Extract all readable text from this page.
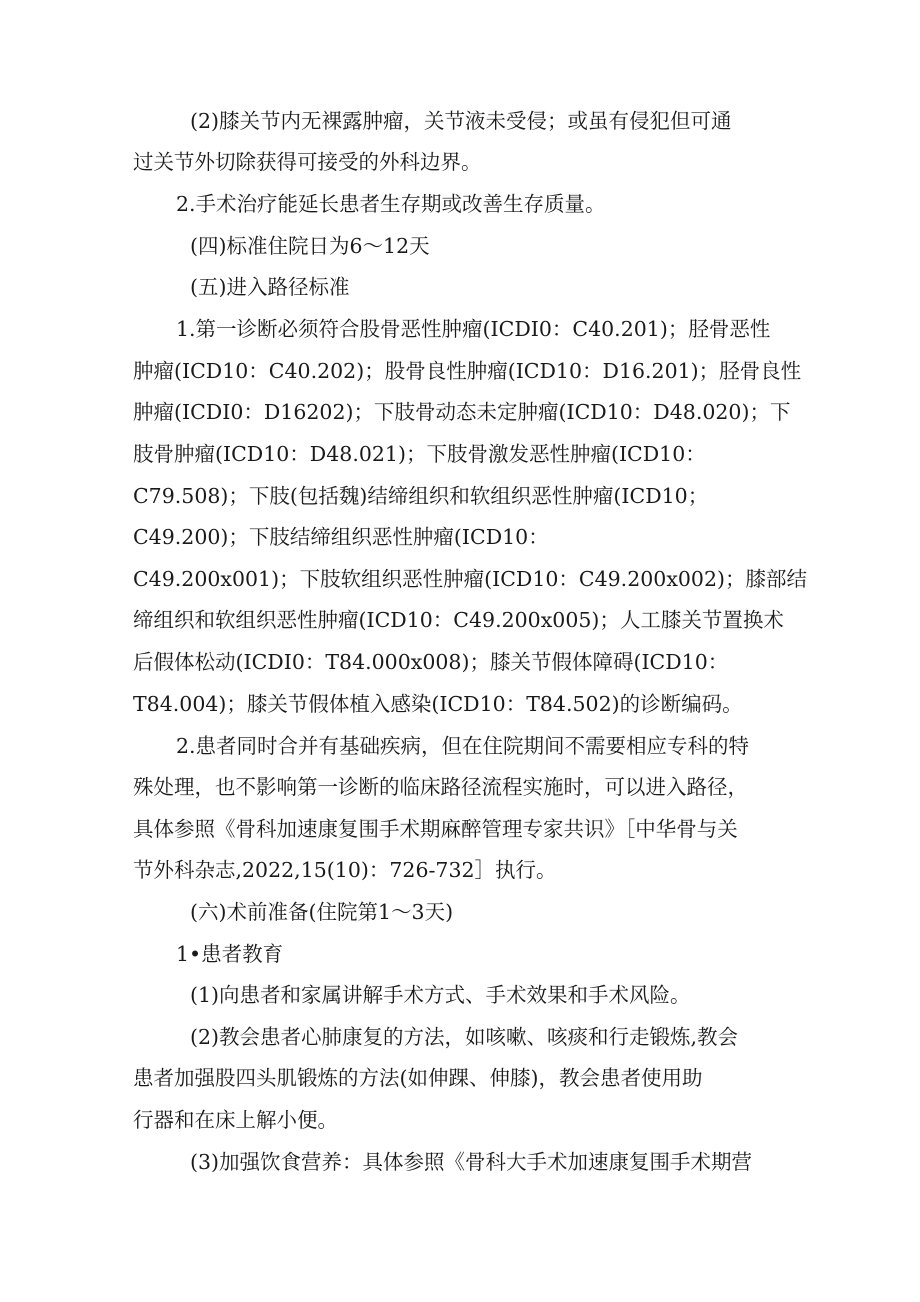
(2)膝关节内无裸露肿瘤，关节液未受侵；或虽有侵犯但可通
过关节外切除获得可接受的外科边界。
2.手术治疗能延长患者生存期或改善生存质量。
(四)标准住院日为6～12天
(五)进入路径标准
1.第一诊断必须符合股骨恶性肿瘤(ICDI0：C40.201)；胫骨恶性
肿瘤(ICD10：C40.202)；股骨良性肿瘤(ICD10：D16.201)；胫骨良性
肿瘤(ICDI0：D16202)；下肢骨动态未定肿瘤(ICD10：D48.020)；下
肢骨肿瘤(ICD10：D48.021)；下肢骨激发恶性肿瘤(ICD10：
C79.508)；下肢(包括魏)结缔组织和软组织恶性肿瘤(ICD10；
C49.200)；下肢结缔组织恶性肿瘤(ICD10：
C49.200x001)；下肢软组织恶性肿瘤(ICD10：C49.200x002)；膝部结
缔组织和软组织恶性肿瘤(ICD10：C49.200x005)；人工膝关节置换术
后假体松动(ICDI0：T84.000x008)；膝关节假体障碍(ICD10：
T84.004)；膝关节假体植入感染(ICD10：T84.502)的诊断编码。
2.患者同时合并有基础疾病，但在住院期间不需要相应专科的特
殊处理，也不影响第一诊断的临床路径流程实施时，可以进入路径，
具体参照《骨科加速康复围手术期麻醉管理专家共识》［中华骨与关
节外科杂志,2022,15(10)：726-732］执行。
(六)术前准备(住院第1～3天)
1•患者教育
(1)向患者和家属讲解手术方式、手术效果和手术风险。
(2)教会患者心肺康复的方法，如咳嗽、咳痰和行走锻炼,教会
患者加强股四头肌锻炼的方法(如伸踝、伸膝)，教会患者使用助
行器和在床上解小便。
(3)加强饮食营养：具体参照《骨科大手术加速康复围手术期营
